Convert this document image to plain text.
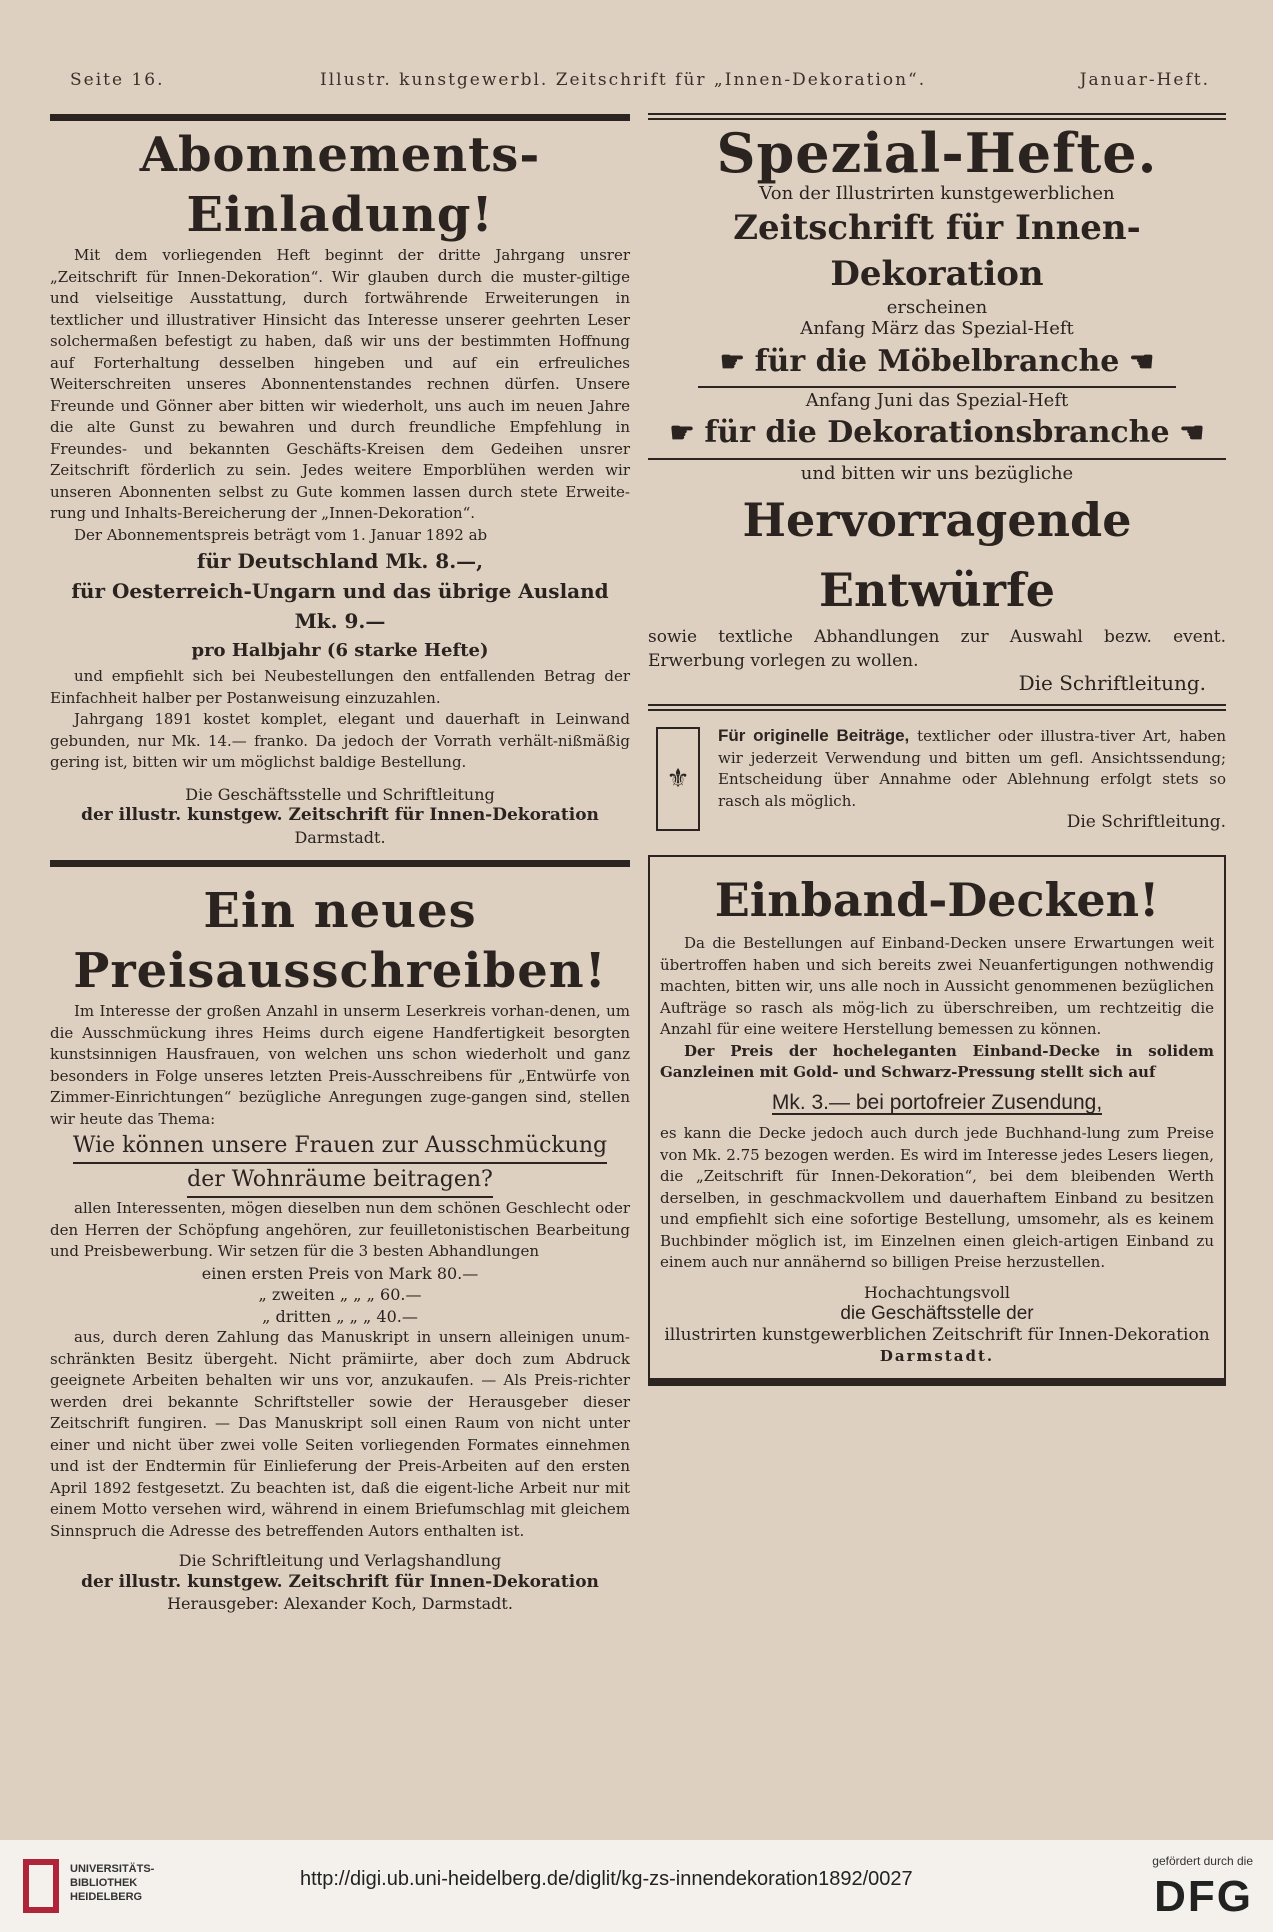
Seite 16.	Illustr. kunstgewerbl. Zeitschrift für „Innen-Dekoration“.	Januar-Heft.
Abonnements-Einladung!

Mit dem vorliegenden Heft beginnt der dritte Jahrgang unsrer „Zeitschrift für Innen-Dekoration“. Wir glauben durch die muster-giltige und vielseitige Ausstattung, durch fortwährende Erweiterungen in textlicher und illustrativer Hinsicht das Interesse unserer geehrten Leser solchermaßen befestigt zu haben, daß wir uns der bestimmten Hoffnung auf Forterhaltung desselben hingeben und auf ein erfreuliches Weiterschreiten unseres Abonnentenstandes rechnen dürfen. Unsere Freunde und Gönner aber bitten wir wiederholt, uns auch im neuen Jahre die alte Gunst zu bewahren und durch freundliche Empfehlung in Freundes- und bekannten Geschäfts-Kreisen dem Gedeihen unsrer Zeitschrift förderlich zu sein. Jedes weitere Emporblühen werden wir unseren Abonnenten selbst zu Gute kommen lassen durch stete Erweite-rung und Inhalts-Bereicherung der „Innen-Dekoration“.

Der Abonnementspreis beträgt vom 1. Januar 1892 ab

für Deutschland Mk. 8.—,
für Oesterreich-Ungarn und das übrige Ausland Mk. 9.—
pro Halbjahr (6 starke Hefte)

und empfiehlt sich bei Neubestellungen den entfallenden Betrag der Einfachheit halber per Postanweisung einzuzahlen.

Jahrgang 1891 kostet komplet, elegant und dauerhaft in Leinwand gebunden, nur Mk. 14.— franko. Da jedoch der Vorrath verhält-nißmäßig gering ist, bitten wir um möglichst baldige Bestellung.

Die Geschäftsstelle und Schriftleitung
der illustr. kunstgew. Zeitschrift für Innen-Dekoration
Darmstadt.
Ein neues Preisausschreiben!

Im Interesse der großen Anzahl in unserm Leserkreis vorhan-denen, um die Ausschmückung ihres Heims durch eigene Handfertigkeit besorgten kunstsinnigen Hausfrauen, von welchen uns schon wiederholt und ganz besonders in Folge unseres letzten Preis-Ausschreibens für „Entwürfe von Zimmer-Einrichtungen“ bezügliche Anregungen zuge-gangen sind, stellen wir heute das Thema:

Wie können unsere Frauen zur Ausschmückung
der Wohnräume beitragen?

allen Interessenten, mögen dieselben nun dem schönen Geschlecht oder den Herren der Schöpfung angehören, zur feuilletonistischen Bearbeitung und Preisbewerbung. Wir setzen für die 3 besten Abhandlungen

einen ersten Preis von Mark 80.—
„ zweiten „ „ „ 60.—
„ dritten „ „ „ 40.—

aus, durch deren Zahlung das Manuskript in unsern alleinigen unum-schränkten Besitz übergeht. Nicht prämiirte, aber doch zum Abdruck geeignete Arbeiten behalten wir uns vor, anzukaufen. — Als Preis-richter werden drei bekannte Schriftsteller sowie der Herausgeber dieser Zeitschrift fungiren. — Das Manuskript soll einen Raum von nicht unter einer und nicht über zwei volle Seiten vorliegenden Formates einnehmen und ist der Endtermin für Einlieferung der Preis-Arbeiten auf den ersten April 1892 festgesetzt. Zu beachten ist, daß die eigent-liche Arbeit nur mit einem Motto versehen wird, während in einem Briefumschlag mit gleichem Sinnspruch die Adresse des betreffenden Autors enthalten ist.

Die Schriftleitung und Verlagshandlung
der illustr. kunstgew. Zeitschrift für Innen-Dekoration
Herausgeber: Alexander Koch, Darmstadt.
Spezial-Hefte.
Von der Illustrirten kunstgewerblichen
Zeitschrift für Innen-Dekoration
erscheinen
Anfang März das Spezial-Heft
☛ für die Möbelbranche ☚
Anfang Juni das Spezial-Heft
☛ für die Dekorationsbranche ☚
und bitten wir uns bezügliche
Hervorragende Entwürfe
sowie textliche Abhandlungen zur Auswahl bezw. event. Erwerbung vorlegen zu wollen.
Die Schriftleitung.
⚜
Für originelle Beiträge, textlicher oder illustra-tiver Art, haben wir jederzeit Verwendung und bitten um gefl. Ansichtssendung; Entscheidung über Annahme oder Ablehnung erfolgt stets so rasch als möglich.
Die Schriftleitung.
Einband-Decken!

Da die Bestellungen auf Einband-Decken unsere Erwartungen weit übertroffen haben und sich bereits zwei Neuanfertigungen nothwendig machten, bitten wir, uns alle noch in Aussicht genommenen bezüglichen Aufträge so rasch als mög-lich zu überschreiben, um rechtzeitig die Anzahl für eine weitere Herstellung bemessen zu können.

Der Preis der hocheleganten Einband-Decke in solidem Ganzleinen mit Gold- und Schwarz-Pressung stellt sich auf

Mk. 3.— bei portofreier Zusendung,

es kann die Decke jedoch auch durch jede Buchhand-lung zum Preise von Mk. 2.75 bezogen werden. Es wird im Interesse jedes Lesers liegen, die „Zeitschrift für Innen-Dekoration“, bei dem bleibenden Werth derselben, in geschmackvollem und dauerhaftem Einband zu besitzen und empfiehlt sich eine sofortige Bestellung, umsomehr, als es keinem Buchbinder möglich ist, im Einzelnen einen gleich-artigen Einband zu einem auch nur annähernd so billigen Preise herzustellen.

Hochachtungsvoll
die Geschäftsstelle der
illustrirten kunstgewerblichen Zeitschrift für Innen-Dekoration
Darmstadt.
UNIVERSITÄTS-
BIBLIOTHEK
HEIDELBERG
http://digi.ub.uni-heidelberg.de/diglit/kg-zs-innendekoration1892/0027
gefördert durch die
DFG
